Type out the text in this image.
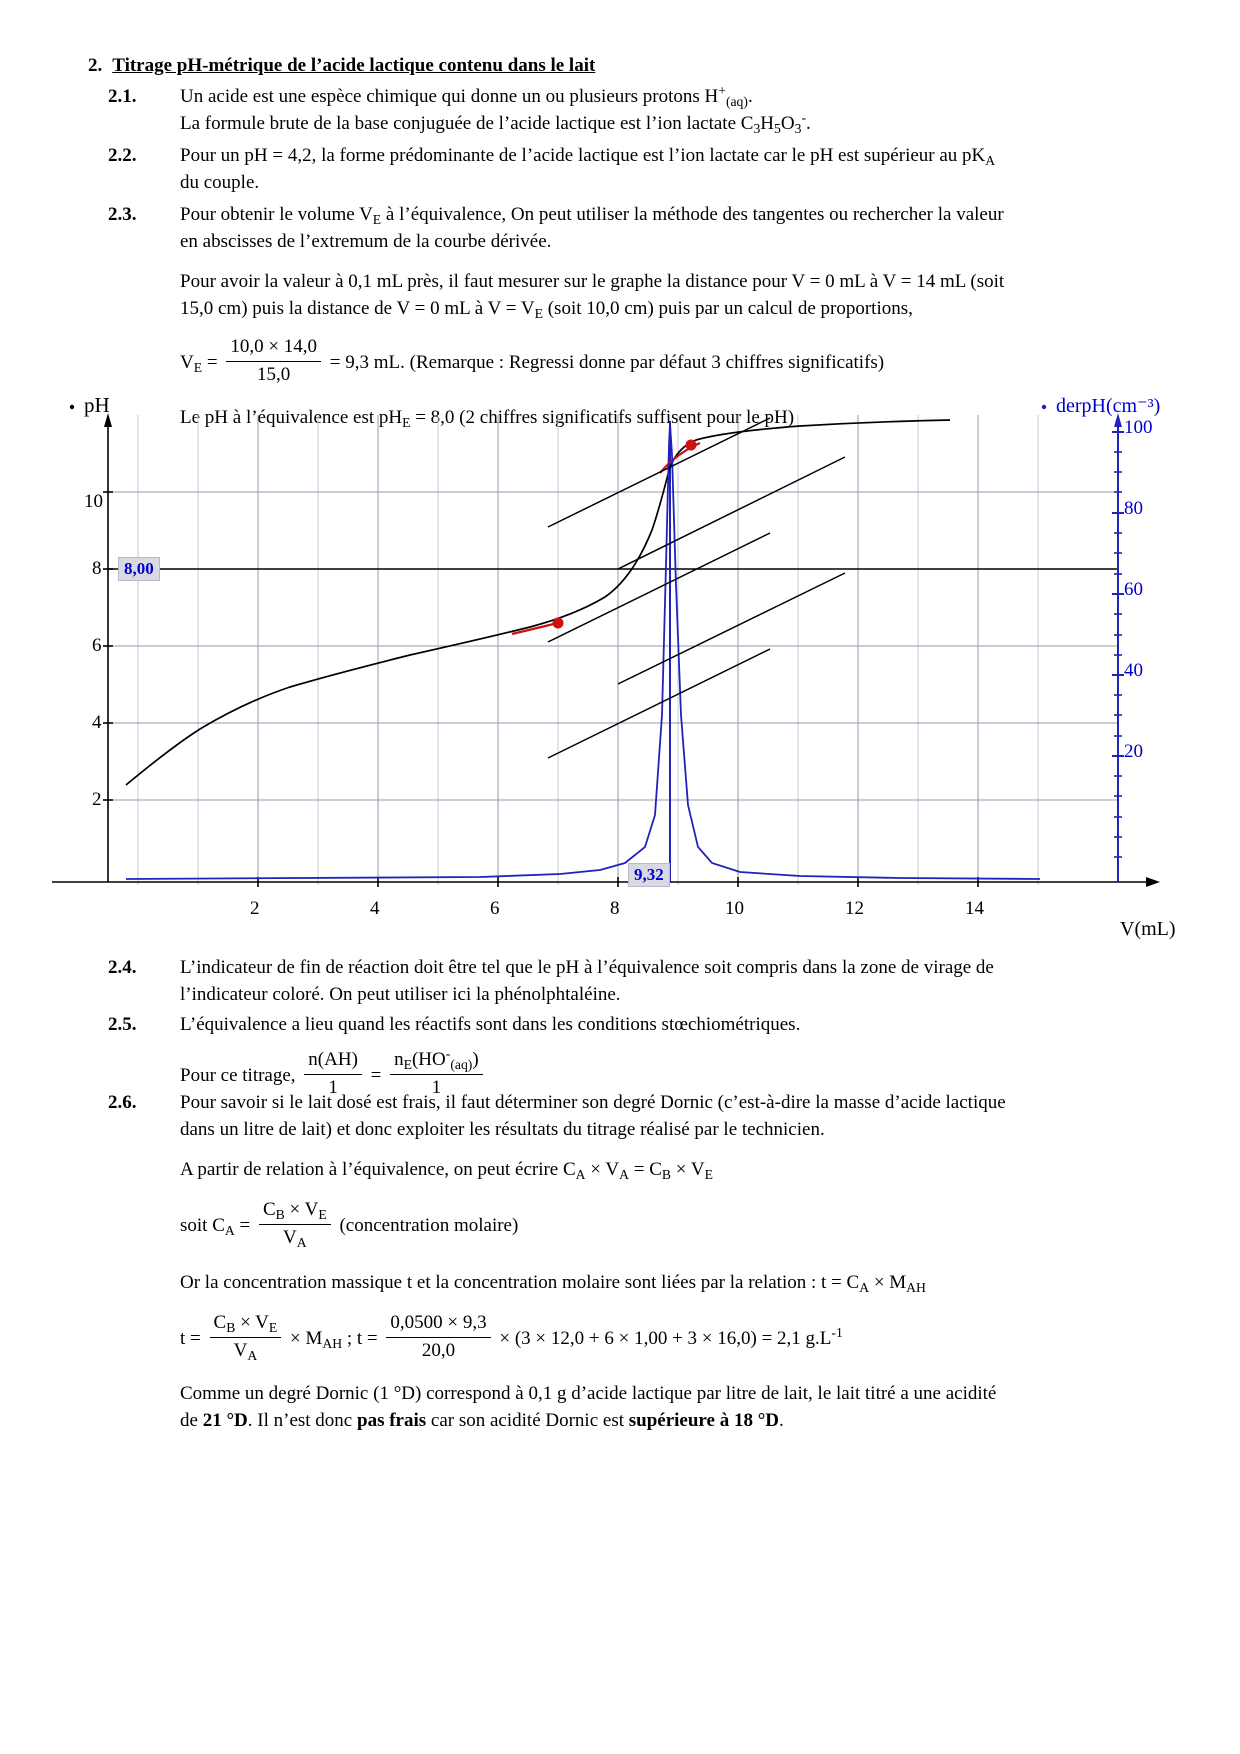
2. Titrage pH-métrique de l’acide lactique contenu dans le lait
2.1.	Un acide est une espèce chimique qui donne un ou plusieurs protons $H^+_{(aq)}$.

La formule brute de la base conjuguée de l’acide lactique est l’ion lactate $C_3H_5O_3^-$.

2.2.	Pour un pH = 4,2, la forme prédominante de l’acide lactique est l’ion lactate car le pH est supérieur au $pK_A$

du couple.

2.3.	Pour obtenir le volume $V_E$ à l’équivalence, On peut utiliser la méthode des tangentes ou rechercher la valeur

en abscisses de l’extremum de la courbe dérivée.

Pour avoir la valeur à 0,1 mL près, il faut mesurer sur le graphe la distance pour V = 0 mL à V = 14 mL (soit

15,0 cm) puis la distance de V = 0 mL à $V = V_E$ (soit 10,0 cm) puis par un calcul de proportions,

$V_E = \frac{10,0 \times 14,0}{15,0} = 9,3$ mL. (Remarque : Regressi donne par défaut 3 chiffres significatifs)

Le pH à l’équivalence est $pH_E = 8,0$ (2 chiffres significatifs suffisent pour le pH)

2.4.	L’indicateur de fin de réaction doit être tel que le pH à l’équivalence soit compris dans la zone de virage de

l’indicateur coloré. On peut utiliser ici la phénolphtaléine.

2.5.	L’équivalence a lieu quand les réactifs sont dans les conditions stœchiométriques.

Pour ce titrage, $\frac{n(AH)}{1} = \frac{n_E(HO^-_{(aq)})}{1}$

2.6.	Pour savoir si le lait dosé est frais, il faut déterminer son degré Dornic (c’est-à-dire la masse d’acide lactique

dans un litre de lait) et donc exploiter les résultats du titrage réalisé par le technicien.

A partir de relation à l’équivalence, on peut écrire $C_A \times V_A = C_B \times V_E$

soit $C_A = \frac{C_B \times V_E}{V_A}$ (concentration molaire)

Or la concentration massique t et la concentration molaire sont liées par la relation : $t = C_A \times M_{AH}$

$t = \frac{C_B \times V_E}{V_A} \times M_{AH}$ ; $t = \frac{0,0500 \times 9,3}{20,0} \times (3 \times 12,0 + 6 \times 1,00 + 3 \times 16,0) = 2,1$ $g.L^{-1}$

Comme un degré Dornic (1 °D) correspond à 0,1 g d’acide lactique par litre de lait, le lait titré a une acidité

de 21 °D. Il n’est donc pas frais car son acidité Dornic est supérieure à 18 °D.

pH	derpH(cm⁻³)
V(mL)
10
8
6
4
2
100
80
60
40
20
2	4	6	8	10	12	14
8,00
9,32
